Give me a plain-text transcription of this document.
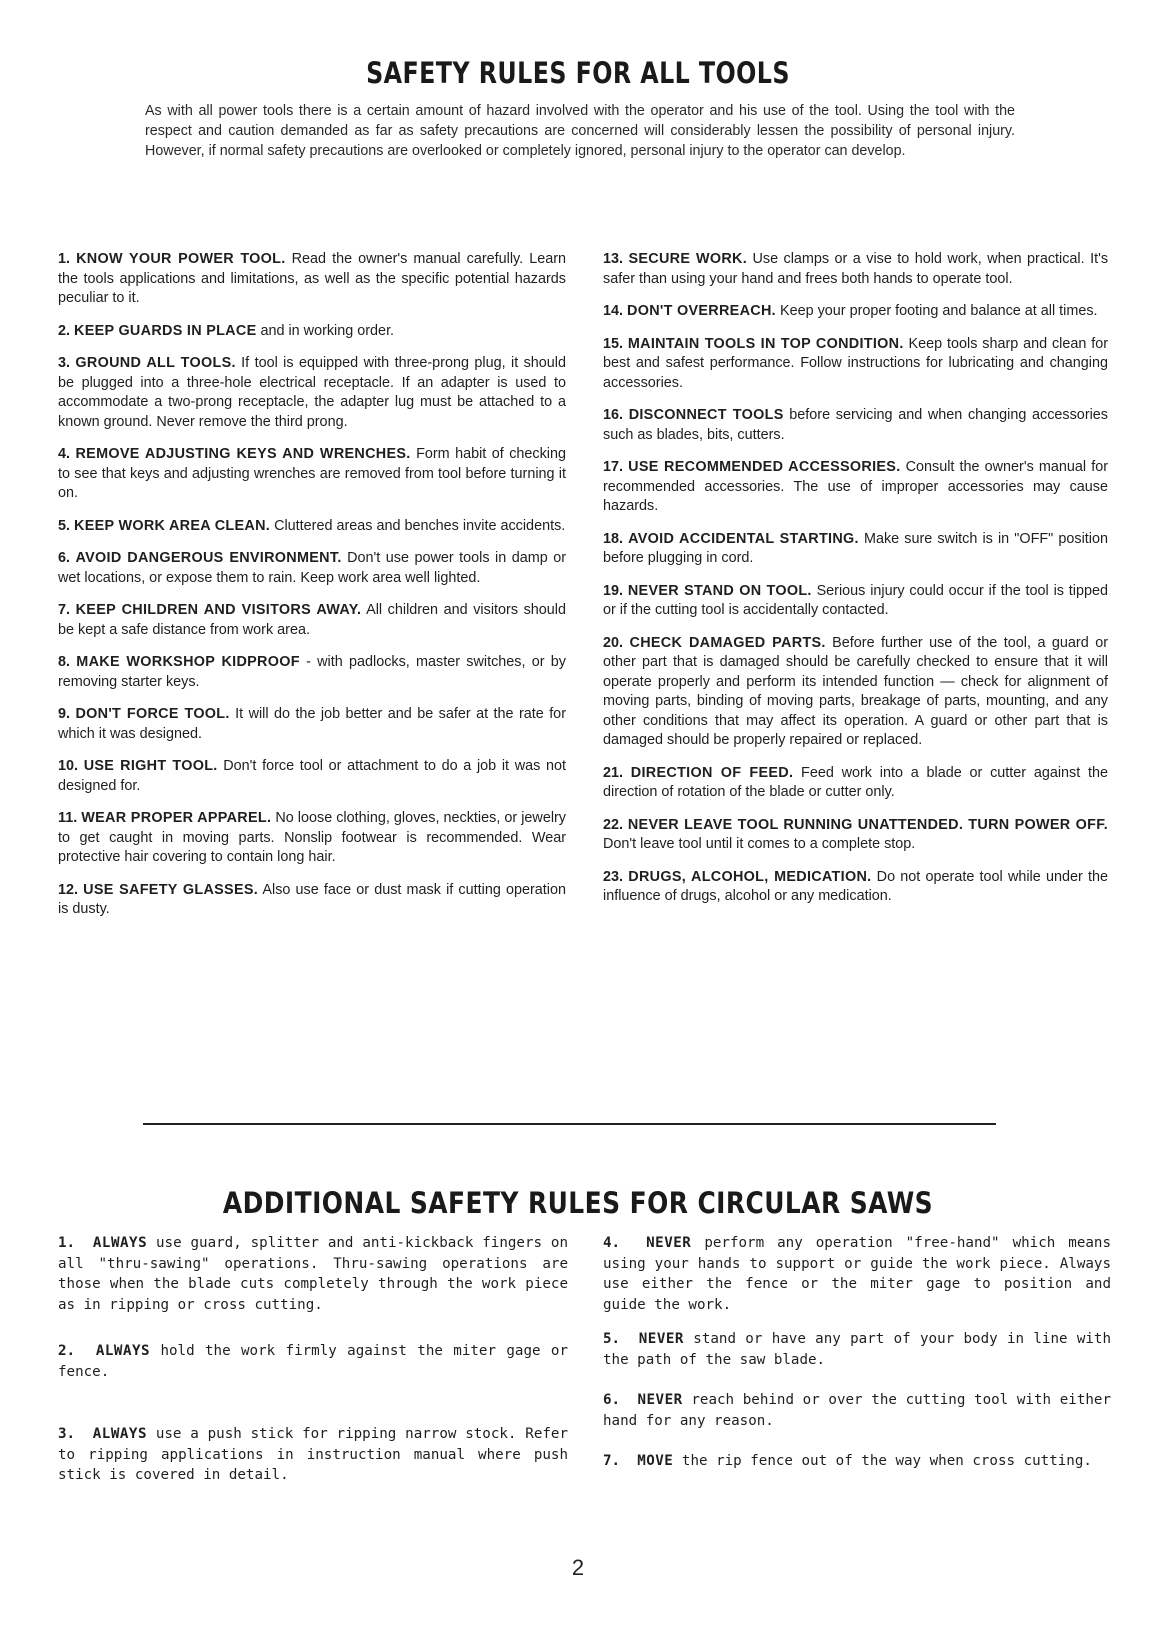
SAFETY RULES FOR ALL TOOLS
As with all power tools there is a certain amount of hazard involved with the operator and his use of the tool. Using the tool with the respect and caution demanded as far as safety precautions are concerned will considerably lessen the possibility of personal injury. However, if normal safety precautions are overlooked or completely ignored, personal injury to the operator can develop.

1. KNOW YOUR POWER TOOL. Read the owner's manual carefully. Learn the tools applications and limitations, as well as the specific potential hazards peculiar to it.

2. KEEP GUARDS IN PLACE and in working order.

3. GROUND ALL TOOLS. If tool is equipped with three-prong plug, it should be plugged into a three-hole electrical receptacle. If an adapter is used to accommodate a two-prong receptacle, the adapter lug must be attached to a known ground. Never remove the third prong.

4. REMOVE ADJUSTING KEYS AND WRENCHES. Form habit of checking to see that keys and adjusting wrenches are removed from tool before turning it on.

5. KEEP WORK AREA CLEAN. Cluttered areas and benches invite accidents.

6. AVOID DANGEROUS ENVIRONMENT. Don't use power tools in damp or wet locations, or expose them to rain. Keep work area well lighted.

7. KEEP CHILDREN AND VISITORS AWAY. All children and visitors should be kept a safe distance from work area.

8. MAKE WORKSHOP KIDPROOF - with padlocks, master switches, or by removing starter keys.

9. DON'T FORCE TOOL. It will do the job better and be safer at the rate for which it was designed.

10. USE RIGHT TOOL. Don't force tool or attachment to do a job it was not designed for.

11. WEAR PROPER APPAREL. No loose clothing, gloves, neckties, or jewelry to get caught in moving parts. Nonslip footwear is recommended. Wear protective hair covering to contain long hair.

12. USE SAFETY GLASSES. Also use face or dust mask if cutting operation is dusty.

13. SECURE WORK. Use clamps or a vise to hold work, when practical. It's safer than using your hand and frees both hands to operate tool.

14. DON'T OVERREACH. Keep your proper footing and balance at all times.

15. MAINTAIN TOOLS IN TOP CONDITION. Keep tools sharp and clean for best and safest performance. Follow instructions for lubricating and changing accessories.

16. DISCONNECT TOOLS before servicing and when changing accessories such as blades, bits, cutters.

17. USE RECOMMENDED ACCESSORIES. Consult the owner's manual for recommended accessories. The use of improper accessories may cause hazards.

18. AVOID ACCIDENTAL STARTING. Make sure switch is in "OFF" position before plugging in cord.

19. NEVER STAND ON TOOL. Serious injury could occur if the tool is tipped or if the cutting tool is accidentally contacted.

20. CHECK DAMAGED PARTS. Before further use of the tool, a guard or other part that is damaged should be carefully checked to ensure that it will operate properly and perform its intended function — check for alignment of moving parts, binding of moving parts, breakage of parts, mounting, and any other conditions that may affect its operation. A guard or other part that is damaged should be properly repaired or replaced.

21. DIRECTION OF FEED. Feed work into a blade or cutter against the direction of rotation of the blade or cutter only.

22. NEVER LEAVE TOOL RUNNING UNATTENDED. TURN POWER OFF. Don't leave tool until it comes to a complete stop.

23. DRUGS, ALCOHOL, MEDICATION. Do not operate tool while under the influence of drugs, alcohol or any medication.

ADDITIONAL SAFETY RULES FOR CIRCULAR SAWS

1. ALWAYS use guard, splitter and anti-kickback fingers on all "thru-sawing" operations. Thru-sawing operations are those when the blade cuts completely through the work piece as in ripping or cross cutting.

2. ALWAYS hold the work firmly against the miter gage or fence.

3. ALWAYS use a push stick for ripping narrow stock. Refer to ripping applications in instruction manual where push stick is covered in detail.

4. NEVER perform any operation "free-hand" which means using your hands to support or guide the work piece. Always use either the fence or the miter gage to position and guide the work.

5. NEVER stand or have any part of your body in line with the path of the saw blade.

6. NEVER reach behind or over the cutting tool with either hand for any reason.

7. MOVE the rip fence out of the way when cross cutting.

2
